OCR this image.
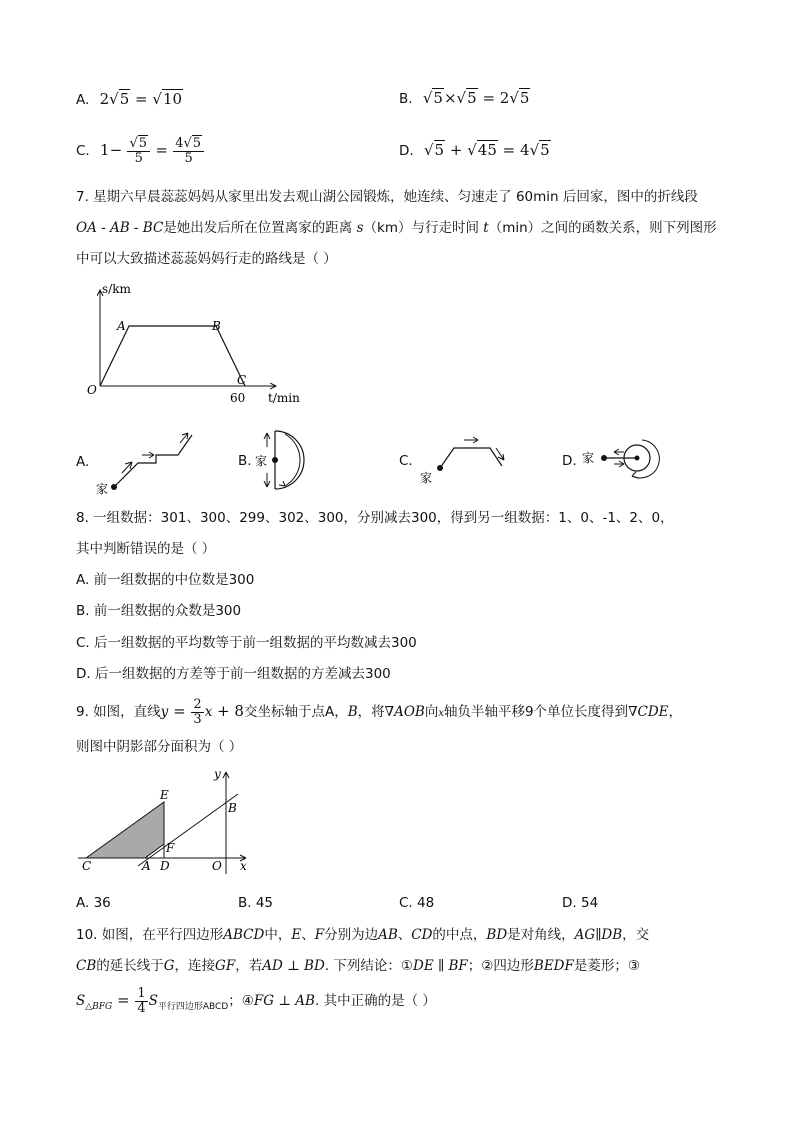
A. 2√5 = √10	B. √5×√5 = 2√5
C. $1- \frac{√5}{5} = \frac{4√5}{5}$	D. √5 + √45 = 4√5
7. 星期六早晨蕊蕊妈妈从家里出发去观山湖公园锻炼，她连续、匀速走了 60min 后回家，图中的折线段
OA - AB - BC是她出发后所在位置离家的距离 s（km）与行走时间 t（min）之间的函数关系，则下列图形
中可以大致描述蕊蕊妈妈行走的路线是（ ）
s/km
t/min
O
A	B
C
60
A.
家
B. 家	C.
家
D. 家
8. 一组数据：301、300、299、302、300，分别减去300，得到另一组数据：1、0、-1、2、0，
其中判断错误的是（ ）
A. 前一组数据的中位数是300
B. 前一组数据的众数是300
C. 后一组数据的平均数等于前一组数据的平均数减去300
D. 后一组数据的方差等于前一组数据的方差减去300
9. 如图，直线$y = \frac{2}{3}$ x + 8交坐标轴于点A，B，将∇AOB向x轴负半轴平移9个单位长度得到∇CDE，
则图中阴影部分面积为（ ）
y
x
E
B
F
C	A D	O
A. 36	B. 45	C. 48	D. 54
10. 如图，在平行四边形ABCD中，E、F分别为边AB、CD的中点，BD是对角线，AG∥DB，交
CB的延长线于G，连接GF，若AD ⊥ BD. 下列结论：①DE ∥ BF；②四边形BEDF是菱形；③
$S_{\triangle BFG} = \frac{1}{4} S_{平行四边形ABCD}$；④FG ⊥ AB. 其中正确的是（ ）
